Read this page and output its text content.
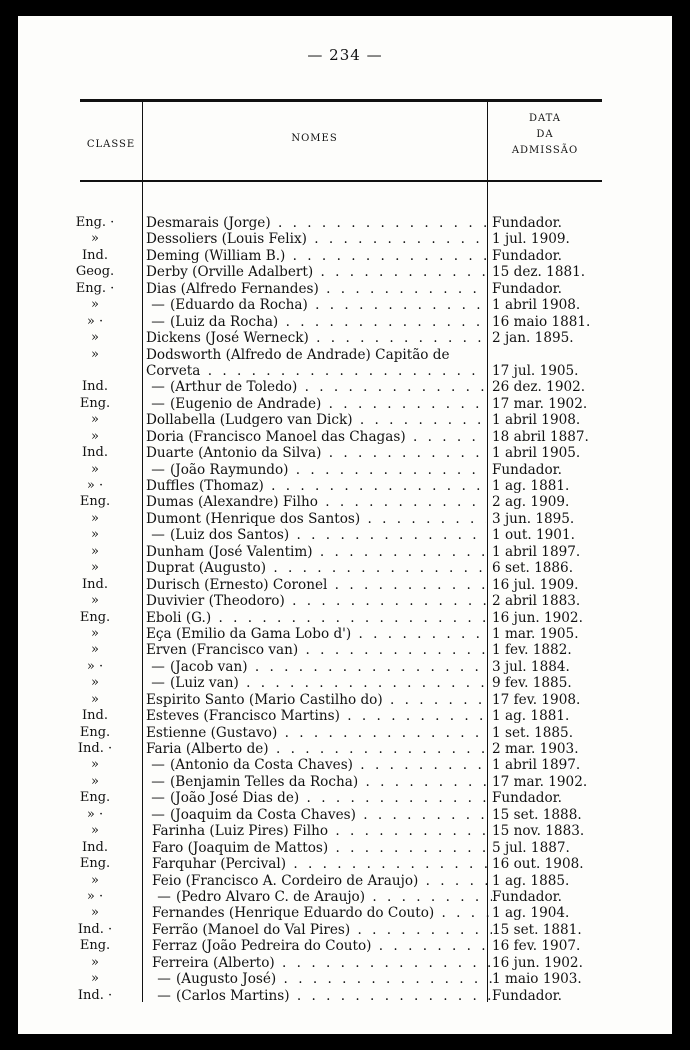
— 234 —
CLASSE
NOMES
DATA
DA
ADMISSÃO
Eng. ·	Desmarais (Jorge) . . .	Fundador.
»	Dessoliers (Louis Felix) . . .	1 jul. 1909.
Ind.	Deming (William B.) . . .	Fundador.
Geog.	Derby (Orville Adalbert) . . .	15 dez. 1881.
Eng. ·	Dias (Alfredo Fernandes) . . .	Fundador.
»	— (Eduardo da Rocha) . . .	1 abril 1908.
» ·	— (Luiz da Rocha) . . .	16 maio 1881.
»	Dickens (José Werneck) . . .	2 jan. 1895.
»	Dodsworth (Alfredo de Andrade) Capitão de
Corveta . . .	17 jul. 1905.
Ind.	— (Arthur de Toledo) . . .	26 dez. 1902.
Eng.	— (Eugenio de Andrade) . . .	17 mar. 1902.
»	Dollabella (Ludgero van Dick) . . .	1 abril 1908.
»	Doria (Francisco Manoel das Chagas) . . .	18 abril 1887.
Ind.	Duarte (Antonio da Silva) . . .	1 abril 1905.
»	— (João Raymundo) . . .	Fundador.
» ·	Duffles (Thomaz) . . .	1 ag. 1881.
Eng.	Dumas (Alexandre) Filho . . .	2 ag. 1909.
»	Dumont (Henrique dos Santos) . . .	3 jun. 1895.
»	— (Luiz dos Santos) . . .	1 out. 1901.
»	Dunham (José Valentim) . . .	1 abril 1897.
»	Duprat (Augusto) . . .	6 set. 1886.
Ind.	Durisch (Ernesto) Coronel . . .	16 jul. 1909.
»	Duvivier (Theodoro) . . .	2 abril 1883.
Eng.	Eboli (G.) . . .	16 jun. 1902.
»	Eça (Emilio da Gama Lobo d') . . .	1 mar. 1905.
»	Erven (Francisco van) . . .	1 fev. 1882.
» ·	— (Jacob van) . . .	3 jul. 1884.
»	— (Luiz van) . . .	9 fev. 1885.
»	Espirito Santo (Mario Castilho do) . . .	17 fev. 1908.
Ind.	Esteves (Francisco Martins) . . .	1 ag. 1881.
Eng.	Estienne (Gustavo) . . .	1 set. 1885.
Ind. ·	Faria (Alberto de) . . .	2 mar. 1903.
»	— (Antonio da Costa Chaves) . . .	1 abril 1897.
»	— (Benjamin Telles da Rocha) . . .	17 mar. 1902.
Eng.	— (João José Dias de) . . .	Fundador.
» ·	— (Joaquim da Costa Chaves) . . .	15 set. 1888.
»	Farinha (Luiz Pires) Filho . . .	15 nov. 1883.
Ind.	Faro (Joaquim de Mattos) . . .	5 jul. 1887.
Eng.	Farquhar (Percival) . . .	16 out. 1908.
»	Feio (Francisco A. Cordeiro de Araujo) . . .	1 ag. 1885.
» ·	— (Pedro Alvaro C. de Araujo) . . .	Fundador.
»	Fernandes (Henrique Eduardo do Couto) . . .	1 ag. 1904.
Ind. ·	Ferrão (Manoel do Val Pires) . . .	15 set. 1881.
Eng.	Ferraz (João Pedreira do Couto) . . .	16 fev. 1907.
»	Ferreira (Alberto) . . .	16 jun. 1902.
»	— (Augusto José) . . .	1 maio 1903.
Ind. ·	— (Carlos Martins) . . .	Fundador.
